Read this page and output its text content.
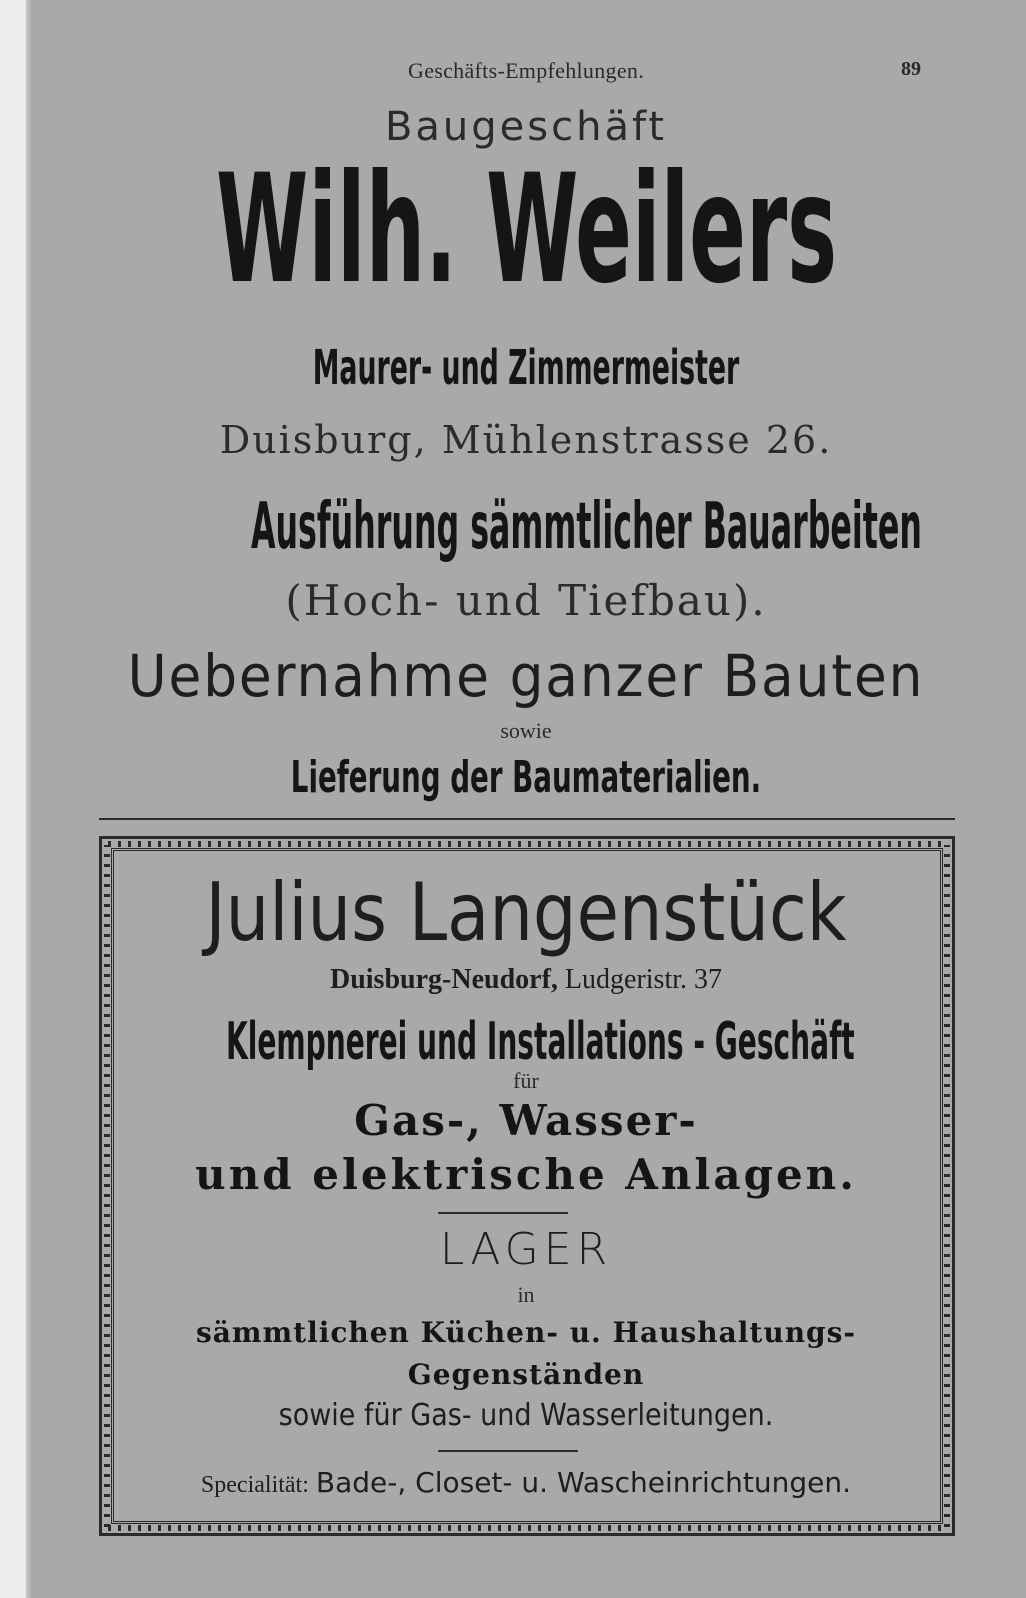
Geschäfts-Empfehlungen.	89
Baugeschäft
Wilh. Weilers
Maurer- und Zimmermeister
Duisburg, Mühlenstrasse 26.
Ausführung sämmtlicher Bauarbeiten
(Hoch- und Tiefbau).
Uebernahme ganzer Bauten
sowie
Lieferung der Baumaterialien.
Julius Langenstück
Duisburg-Neudorf, Ludgeristr. 37
Klempnerei und Installations - Geschäft
für
Gas-, Wasser-
und elektrische Anlagen.
LAGER
in
sämmtlichen Küchen- u. Haushaltungs-
Gegenständen
sowie für Gas- und Wasserleitungen.
Specialität: Bade-, Closet- u. Wascheinrichtungen.
